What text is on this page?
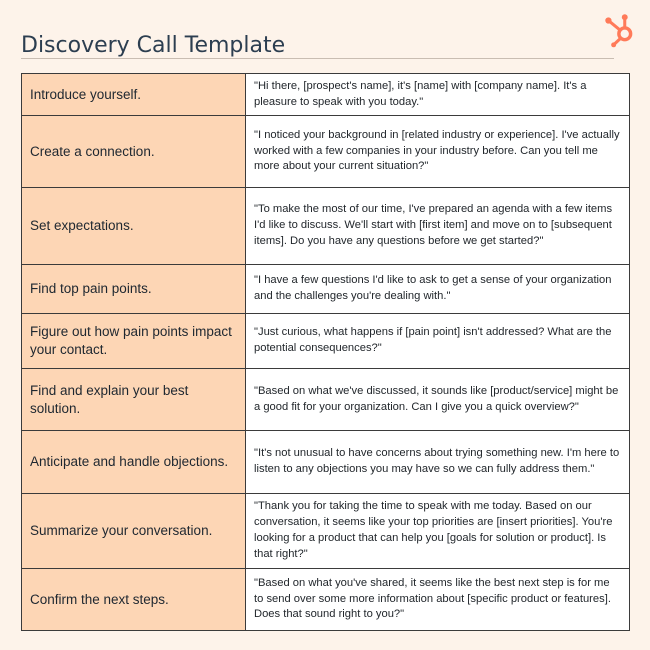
Discovery Call Template
Introduce yourself.	"Hi there, [prospect's name], it's [name] with [company name]. It's a pleasure to speak with you today."
Create a connection.	"I noticed your background in [related industry or experience]. I've actually worked with a few companies in your industry before. Can you tell me more about your current situation?"
Set expectations.	"To make the most of our time, I've prepared an agenda with a few items I'd like to discuss. We'll start with [first item] and move on to [subsequent items]. Do you have any questions before we get started?"
Find top pain points.	"I have a few questions I'd like to ask to get a sense of your organization and the challenges you're dealing with."
Figure out how pain points impact your contact.	"Just curious, what happens if [pain point] isn't addressed? What are the potential consequences?"
Find and explain your best solution.	"Based on what we've discussed, it sounds like [product/service] might be a good fit for your organization. Can I give you a quick overview?"
Anticipate and handle objections.	"It's not unusual to have concerns about trying something new. I'm here to listen to any objections you may have so we can fully address them."
Summarize your conversation.	"Thank you for taking the time to speak with me today. Based on our conversation, it seems like your top priorities are [insert priorities]. You're looking for a product that can help you [goals for solution or product]. Is that right?"
Confirm the next steps.	"Based on what you've shared, it seems like the best next step is for me to send over some more information about [specific product or features]. Does that sound right to you?"
